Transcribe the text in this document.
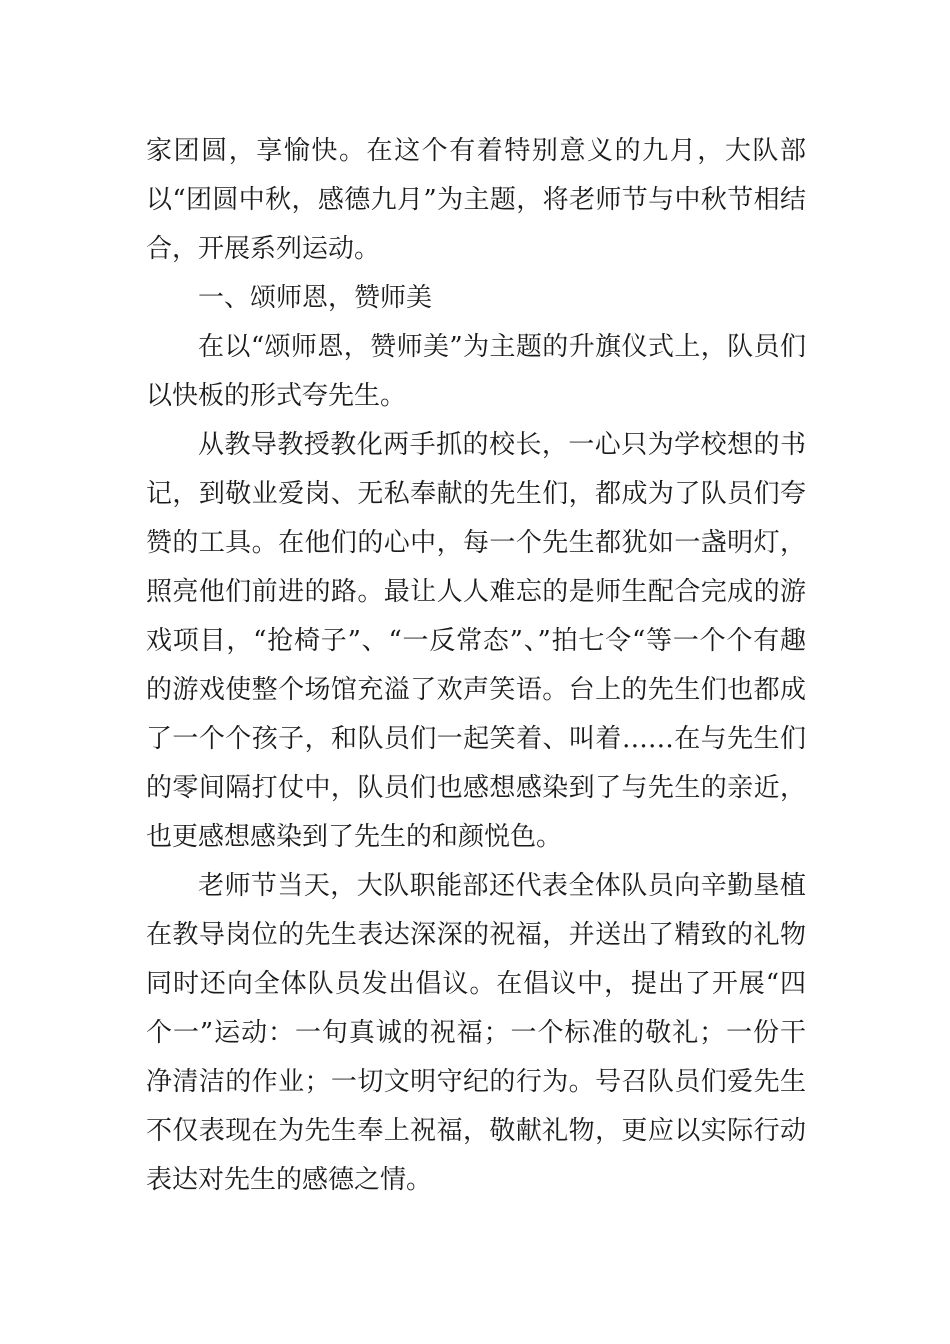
家团圆，享愉快。在这个有着特别意义的九月，大队部以“团圆中秋，感德九月”为主题，将老师节与中秋节相结合，开展系列运动。

一、颂师恩，赞师美

在以“颂师恩，赞师美”为主题的升旗仪式上，队员们以快板的形式夸先生。

从教导教授教化两手抓的校长，一心只为学校想的书记，到敬业爱岗、无私奉献的先生们，都成为了队员们夸赞的工具。在他们的心中，每一个先生都犹如一盏明灯，照亮他们前进的路。最让人人难忘的是师生配合完成的游戏项目，“抢椅子”、“一反常态”、”拍七令“等一个个有趣的游戏使整个场馆充溢了欢声笑语。台上的先生们也都成了一个个孩子，和队员们一起笑着、叫着……在与先生们的零间隔打仗中，队员们也感想感染到了与先生的亲近，也更感想感染到了先生的和颜悦色。

老师节当天，大队职能部还代表全体队员向辛勤垦植在教导岗位的先生表达深深的祝福，并送出了精致的礼物同时还向全体队员发出倡议。在倡议中，提出了开展“四个一”运动：一句真诚的祝福；一个标准的敬礼；一份干净清洁的作业；一切文明守纪的行为。号召队员们爱先生不仅表现在为先生奉上祝福，敬献礼物，更应以实际行动表达对先生的感德之情。
